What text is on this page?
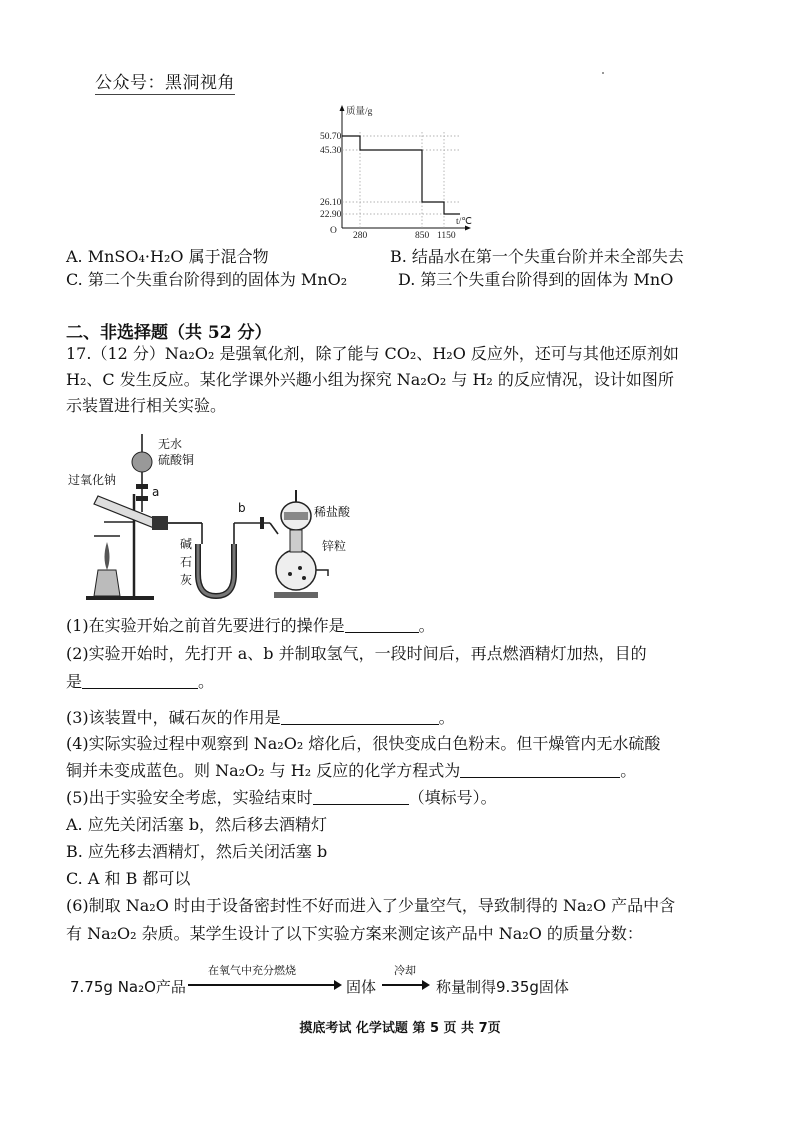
公众号：黑洞视角
质量/g
t/℃
O
50.70
45.30
26.10
22.90
280	850 1150
A. MnSO₄·H₂O 属于混合物	B. 结晶水在第一个失重台阶并未全部失去
C. 第二个失重台阶得到的固体为 MnO₂	D. 第三个失重台阶得到的固体为 MnO
二、非选择题（共 52 分）
17.（12 分）Na₂O₂ 是强氧化剂，除了能与 CO₂、H₂O 反应外，还可与其他还原剂如
H₂、C 发生反应。某化学课外兴趣小组为探究 Na₂O₂ 与 H₂ 的反应情况，设计如图所
示装置进行相关实验。
无水
硫酸铜
过氧化钠
a
b	稀盐酸
锌粒
碱
石
灰
(1)在实验开始之前首先要进行的操作是	。
(2)实验开始时，先打开 a、b 并制取氢气，一段时间后，再点燃酒精灯加热，目的
是	。
(3)该装置中，碱石灰的作用是	。
(4)实际实验过程中观察到 Na₂O₂ 熔化后，很快变成白色粉末。但干燥管内无水硫酸
铜并未变成蓝色。则 Na₂O₂ 与 H₂ 反应的化学方程式为	。
(5)出于实验安全考虑，实验结束时	（填标号）。
A. 应先关闭活塞 b，然后移去酒精灯
B. 应先移去酒精灯，然后关闭活塞 b
C. A 和 B 都可以
(6)制取 Na₂O 时由于设备密封性不好而进入了少量空气，导致制得的 Na₂O 产品中含
有 Na₂O₂ 杂质。某学生设计了以下实验方案来测定该产品中 Na₂O 的质量分数：
7.75g Na₂O产品
在氧气中充分燃烧
固体
冷却
称量制得9.35g固体
摸底考试 化学试题 第 5 页 共 7页
